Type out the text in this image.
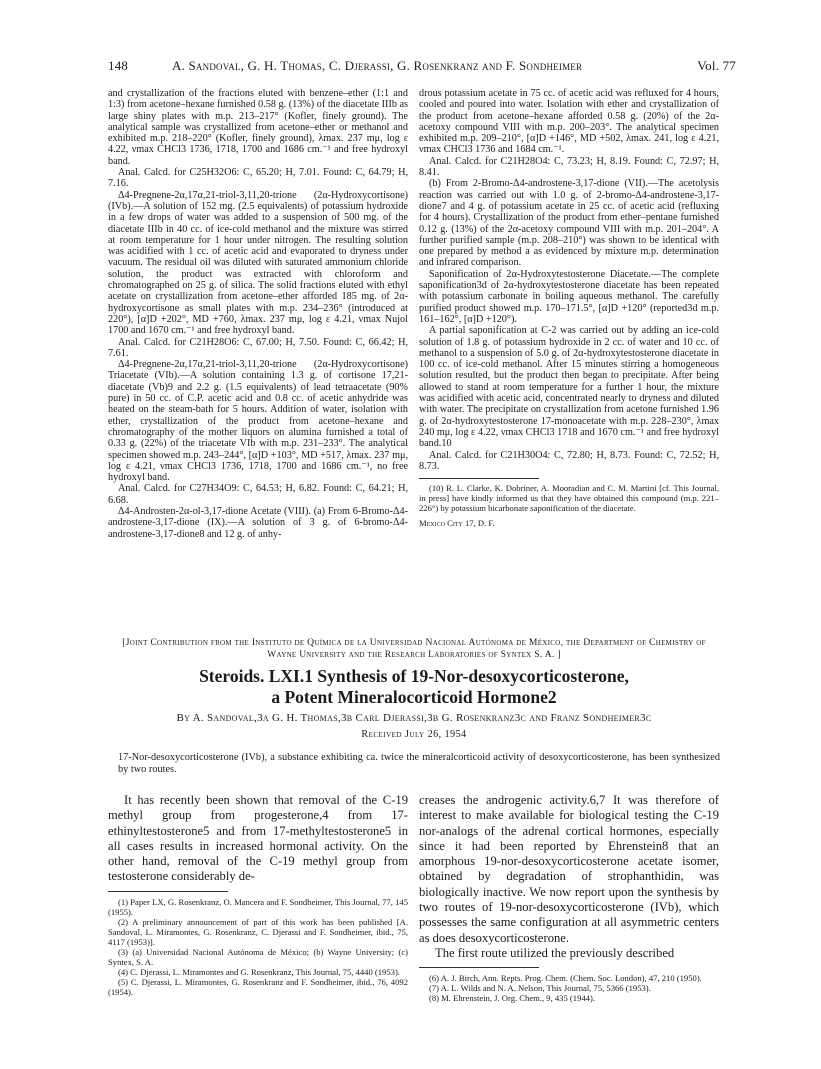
148	A. Sandoval, G. H. Thomas, C. Djerassi, G. Rosenkranz and F. Sondheimer	Vol. 77

and crystallization of the fractions eluted with benzene–ether (1:1 and 1:3) from acetone–hexane furnished 0.58 g. (13%) of the diacetate IIIb as large shiny plates with m.p. 213–217° (Kofler, finely ground). The analytical sample was crystallized from acetone–ether or methanol and exhibited m.p. 218–220° (Kofler, finely ground), λmax. 237 mμ, log ε 4.22, νmax CHCl3 1736, 1718, 1700 and 1686 cm.⁻¹ and free hydroxyl band.

Anal. Calcd. for C25H32O6: C, 65.20; H, 7.01. Found: C, 64.79; H, 7.16.

Δ4-Pregnene-2α,17α,21-triol-3,11,20-trione (2α-Hydroxycortisone) (IVb).—A solution of 152 mg. (2.5 equivalents) of potassium hydroxide in a few drops of water was added to a suspension of 500 mg. of the diacetate IIIb in 40 cc. of ice-cold methanol and the mixture was stirred at room temperature for 1 hour under nitrogen. The resulting solution was acidified with 1 cc. of acetic acid and evaporated to dryness under vacuum. The residual oil was diluted with saturated ammonium chloride solution, the product was extracted with chloroform and chromatographed on 25 g. of silica. The solid fractions eluted with ethyl acetate on crystallization from acetone–ether afforded 185 mg. of 2α-hydroxycortisone as small plates with m.p. 234–236° (introduced at 220°), [α]D +202°, MD +760, λmax. 237 mμ, log ε 4.21, νmax Nujol 1700 and 1670 cm.⁻¹ and free hydroxyl band.

Anal. Calcd. for C21H28O6: C, 67.00; H, 7.50. Found: C, 66.42; H, 7.61.

Δ4-Pregnene-2α,17α,21-triol-3,11,20-trione (2α-Hydroxycortisone) Triacetate (VIb).—A solution containing 1.3 g. of cortisone 17,21-diacetate (Vb)9 and 2.2 g. (1.5 equivalents) of lead tetraacetate (90% pure) in 50 cc. of C.P. acetic acid and 0.8 cc. of acetic anhydride was heated on the steam-bath for 5 hours. Addition of water, isolation with ether, crystallization of the product from acetone–hexane and chromatography of the mother liquors on alumina furnished a total of 0.33 g. (22%) of the triacetate VIb with m.p. 231–233°. The analytical specimen showed m.p. 243–244°, [α]D +103°, MD +517, λmax. 237 mμ, log ε 4.21, νmax CHCl3 1736, 1718, 1700 and 1686 cm.⁻¹, no free hydroxyl band.

Anal. Calcd. for C27H34O9: C, 64.53; H, 6.82. Found: C, 64.21; H, 6.68.

Δ4-Androsten-2α-ol-3,17-dione Acetate (VIII). (a) From 6-Bromo-Δ4-androstene-3,17-dione (IX).—A solution of 3 g. of 6-bromo-Δ4-androstene-3,17-dione8 and 12 g. of anhy-

drous potassium acetate in 75 cc. of acetic acid was refluxed for 4 hours, cooled and poured into water. Isolation with ether and crystallization of the product from acetone–hexane afforded 0.58 g. (20%) of the 2α-acetoxy compound VIII with m.p. 200–203°. The analytical specimen exhibited m.p. 209–210°, [α]D +146°, MD +502, λmax. 241, log ε 4.21, νmax CHCl3 1736 and 1684 cm.⁻¹.

Anal. Calcd. for C21H28O4: C, 73.23; H, 8.19. Found: C, 72.97; H, 8.41.

(b) From 2-Bromo-Δ4-androstene-3,17-dione (VII).—The acetolysis reaction was carried out with 1.0 g. of 2-bromo-Δ4-androstene-3,17-dione7 and 4 g. of potassium acetate in 25 cc. of acetic acid (refluxing for 4 hours). Crystallization of the product from ether–pentane furnished 0.12 g. (13%) of the 2α-acetoxy compound VIII with m.p. 201–204°. A further purified sample (m.p. 208–210°) was shown to be identical with one prepared by method a as evidenced by mixture m.p. determination and infrared comparison.

Saponification of 2α-Hydroxytestosterone Diacetate.—The complete saponification3d of 2α-hydroxytestosterone diacetate has been repeated with potassium carbonate in boiling aqueous methanol. The carefully purified product showed m.p. 170–171.5°, [α]D +120° (reported3d m.p. 161–162°, [α]D +120°).

A partial saponification at C-2 was carried out by adding an ice-cold solution of 1.8 g. of potassium hydroxide in 2 cc. of water and 10 cc. of methanol to a suspension of 5.0 g. of 2α-hydroxytestosterone diacetate in 100 cc. of ice-cold methanol. After 15 minutes stirring a homogeneous solution resulted, but the product then began to precipitate. After being allowed to stand at room temperature for a further 1 hour, the mixture was acidified with acetic acid, concentrated nearly to dryness and diluted with water. The precipitate on crystallization from acetone furnished 1.96 g. of 2α-hydroxytestosterone 17-monoacetate with m.p. 228–230°, λmax 240 mμ, log ε 4.22, νmax CHCl3 1718 and 1670 cm.⁻¹ and free hydroxyl band.10

Anal. Calcd. for C21H30O4: C, 72.80; H, 8.73. Found: C, 72.52; H, 8.73.

(10) R. L. Clarke, K. Dobriner, A. Mooradian and C. M. Martini [cf. This Journal, in press] have kindly informed us that they have obtained this compound (m.p. 221–226°) by potassium bicarbonate saponification of the diacetate.

Mexico City 17, D. F.

[Joint Contribution from the Instituto de Química de la Universidad Nacional Autónoma de México, the Department of Chemistry of Wayne University and the Research Laboratories of Syntex S. A. ]
Steroids. LXI.1 Synthesis of 19-Nor-desoxycorticosterone,
a Potent Mineralocorticoid Hormone2
By A. Sandoval,3a G. H. Thomas,3b Carl Djerassi,3b G. Rosenkranz3c and Franz Sondheimer3c
Received July 26, 1954
17-Nor-desoxycorticosterone (IVb), a substance exhibiting ca. twice the mineralcorticoid activity of desoxycorticosterone, has been synthesized by two routes.

It has recently been shown that removal of the C-19 methyl group from progesterone,4 from 17-ethinyltestosterone5 and from 17-methyltestosterone5 in all cases results in increased hormonal activity. On the other hand, removal of the C-19 methyl group from testosterone considerably de-

(1) Paper LX, G. Rosenkranz, O. Mancera and F. Sondheimer, This Journal, 77, 145 (1955).

(2) A preliminary announcement of part of this work has been published [A. Sandoval, L. Miramontes, G. Rosenkranz, C. Djerassi and F. Sondheimer, ibid., 75, 4117 (1953)].

(3) (a) Universidad Nacional Autónoma de México; (b) Wayne University; (c) Syntex, S. A.

(4) C. Djerassi, L. Miramontes and G. Rosenkranz, This Journal, 75, 4440 (1953).

(5) C. Djerassi, L. Miramontes, G. Rosenkranz and F. Sondheimer, ibid., 76, 4092 (1954).

creases the androgenic activity.6,7 It was therefore of interest to make available for biological testing the C-19 nor-analogs of the adrenal cortical hormones, especially since it had been reported by Ehrenstein8 that an amorphous 19-nor-desoxycorticosterone acetate isomer, obtained by degradation of strophanthidin, was biologically inactive. We now report upon the synthesis by two routes of 19-nor-desoxycorticosterone (IVb), which possesses the same configuration at all asymmetric centers as does desoxycorticosterone.

The first route utilized the previously described

(6) A. J. Birch, Ann. Repts. Prog. Chem. (Chem. Soc. London), 47, 210 (1950).

(7) A. L. Wilds and N. A. Nelson, This Journal, 75, 5366 (1953).

(8) M. Ehrenstein, J. Org. Chem., 9, 435 (1944).
